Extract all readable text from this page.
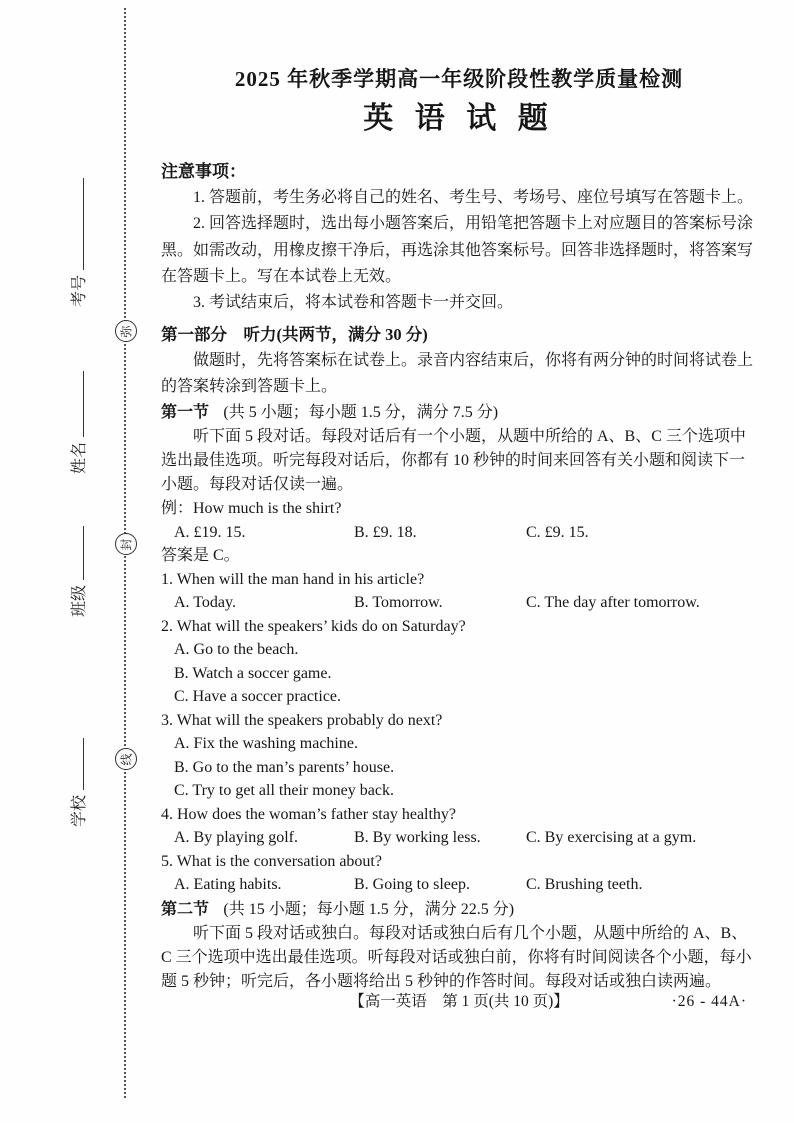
考号
姓名
班级
学校
弥
封
线

2025 年秋季学期高一年级阶段性教学质量检测

英 语 试 题

注意事项：

1. 答题前，考生务必将自己的姓名、考生号、考场号、座位号填写在答题卡上。

2. 回答选择题时，选出每小题答案后，用铅笔把答题卡上对应题目的答案标号涂黑。如需改动，用橡皮擦干净后，再选涂其他答案标号。回答非选择题时，将答案写在答题卡上。写在本试卷上无效。

3. 考试结束后，将本试卷和答题卡一并交回。

第一部分　听力(共两节，满分 30 分)

做题时，先将答案标在试卷上。录音内容结束后，你将有两分钟的时间将试卷上的答案转涂到答题卡上。

第一节 (共 5 小题；每小题 1.5 分，满分 7.5 分)

听下面 5 段对话。每段对话后有一个小题，从题中所给的 A、B、C 三个选项中选出最佳选项。听完每段对话后，你都有 10 秒钟的时间来回答有关小题和阅读下一小题。每段对话仅读一遍。

例：How much is the shirt?

A. £19. 15.	B. £9. 18.	C. £9. 15.

答案是 C。

1. When will the man hand in his article?

A. Today.	B. Tomorrow.	C. The day after tomorrow.

2. What will the speakers’ kids do on Saturday?

A. Go to the beach.

B. Watch a soccer game.

C. Have a soccer practice.

3. What will the speakers probably do next?

A. Fix the washing machine.

B. Go to the man’s parents’ house.

C. Try to get all their money back.

4. How does the woman’s father stay healthy?

A. By playing golf.	B. By working less.	C. By exercising at a gym.

5. What is the conversation about?

A. Eating habits.	B. Going to sleep.	C. Brushing teeth.

第二节 (共 15 小题；每小题 1.5 分，满分 22.5 分)

听下面 5 段对话或独白。每段对话或独白后有几个小题，从题中所给的 A、B、C 三个选项中选出最佳选项。听每段对话或独白前，你将有时间阅读各个小题，每小题 5 秒钟；听完后，各小题将给出 5 秒钟的作答时间。每段对话或独白读两遍。

【高一英语　第 1 页(共 10 页)】	·26 - 44A·
